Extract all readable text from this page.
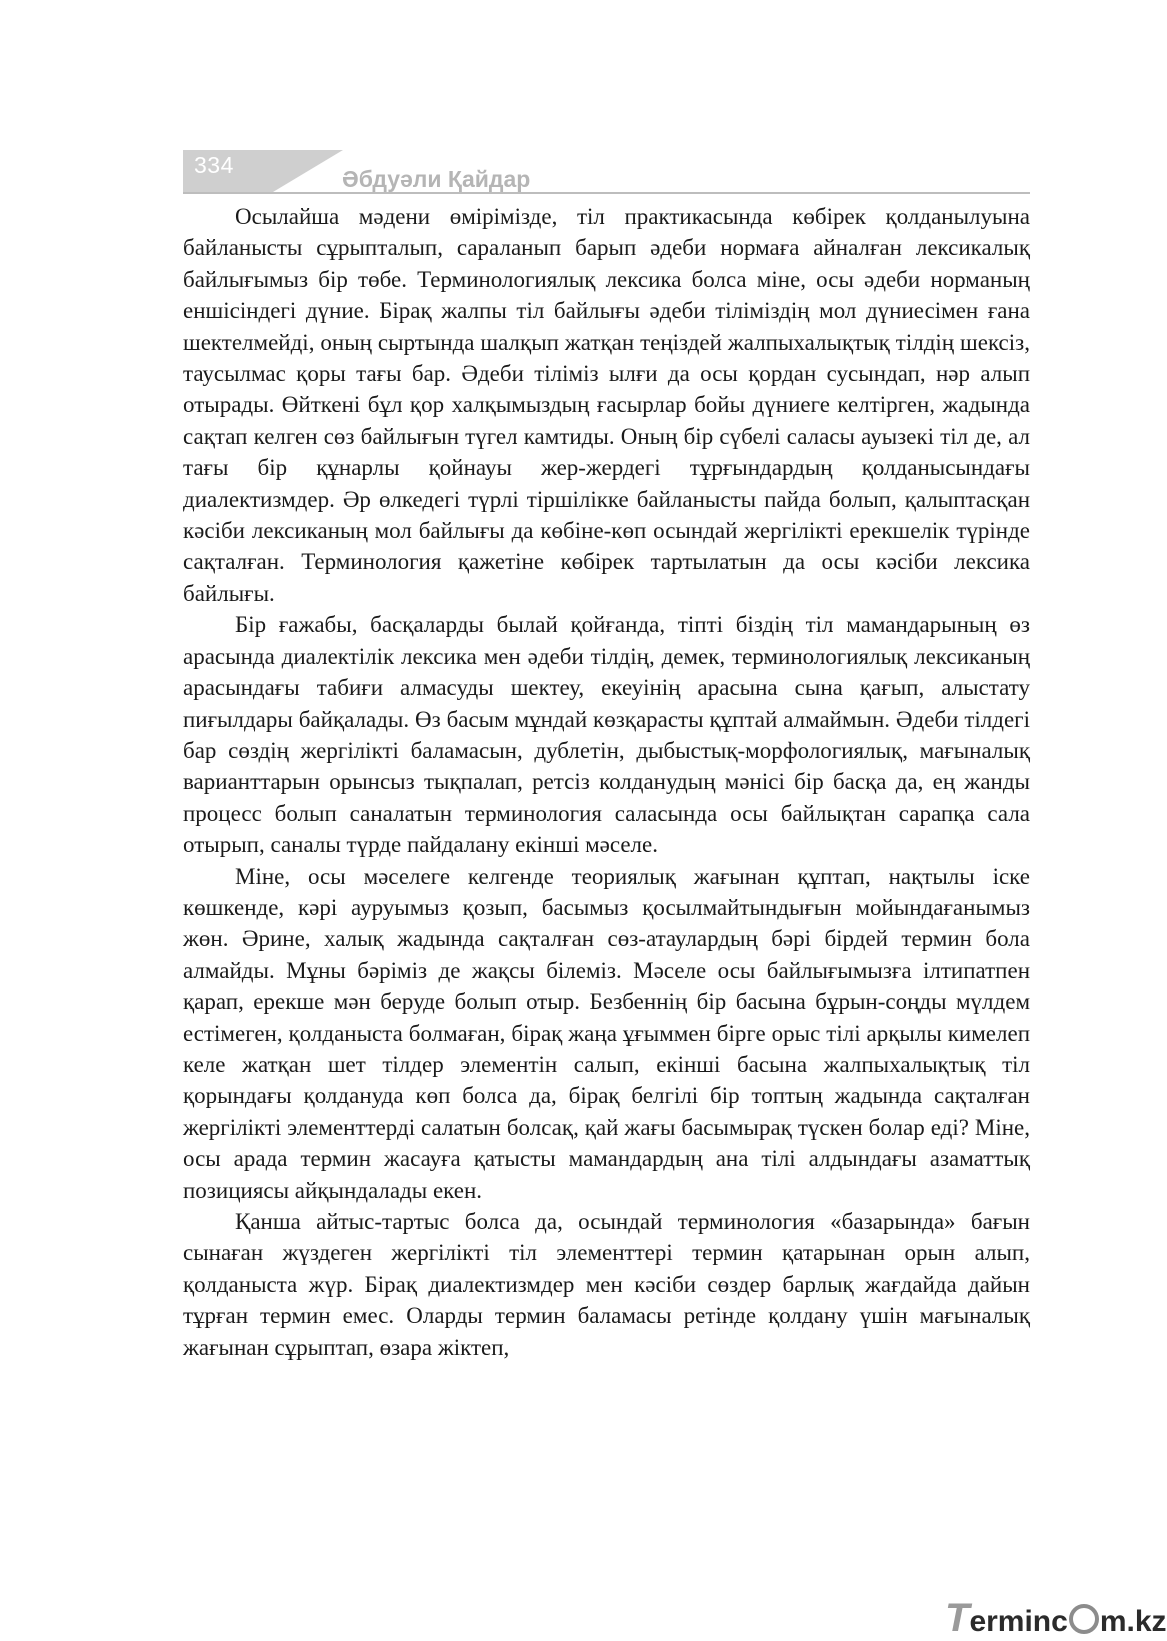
334
Әбдуәли Қайдар

Осылайша мәдени өмірімізде, тіл практикасында көбірек қолданылуына байланысты сұрыпталып, сараланып барып әдеби нормаға айналған лексикалық байлығымыз бір төбе. Терминологиялық лексика болса міне, осы әдеби норманың еншісіндегі дүние. Бірақ жалпы тіл байлығы әдеби тіліміздің мол дүниесімен ғана шектелмейді, оның сыртында шалқып жатқан теңіздей жалпыхалықтық тілдің шексіз, таусылмас қоры тағы бар. Әдеби тіліміз ылғи да осы қордан сусындап, нәр алып отырады. Өйткені бұл қор халқымыздың ғасырлар бойы дүниеге келтірген, жадында сақтап келген сөз байлығын түгел камтиды. Оның бір сүбелі саласы ауызекі тіл де, ал тағы бір құнарлы қойнауы жер-жердегі тұрғындардың қолданысындағы диалектизмдер. Әр өлкедегі түрлі тіршілікке байланысты пайда болып, қалыптасқан кәсіби лексиканың мол байлығы да көбіне-көп осындай жергілікті ерекшелік түрінде сақталған. Терминология қажетіне көбірек тартылатын да осы кәсіби лексика байлығы.

Бір ғажабы, басқаларды былай қойғанда, тіпті біздің тіл мамандарының өз арасында диалектілік лексика мен әдеби тілдің, демек, терминологиялық лексиканың арасындағы табиғи алмасуды шектеу, екеуінің арасына сына қағып, алыстату пиғылдары байқалады. Өз басым мұндай көзқарасты құптай алмаймын. Әдеби тілдегі бар сөздің жергілікті баламасын, дублетін, дыбыстық-морфологиялық, мағыналық варианттарын орынсыз тықпалап, ретсіз колданудың мәнісі бір басқа да, ең жанды процесс болып саналатын терминология саласында осы байлықтан сарапқа сала отырып, саналы түрде пайдалану екінші мәселе.

Міне, осы мәселеге келгенде теориялық жағынан құптап, нақтылы іске көшкенде, кәрі ауруымыз қозып, басымыз қосылмайтындығын мойындағанымыз жөн. Әрине, халық жадында сақталған сөз-атаулардың бәрі бірдей термин бола алмайды. Мұны бәріміз де жақсы білеміз. Мәселе осы байлығымызға ілтипатпен қарап, ерекше мән беруде болып отыр. Безбеннің бір басына бұрын-соңды мүлдем естімеген, қолданыста болмаған, бірақ жаңа ұғыммен бірге орыс тілі арқылы кимелеп келе жатқан шет тілдер элементін салып, екінші басына жалпыхалықтық тіл қорындағы қолдануда көп болса да, бірақ белгілі бір топтың жадында сақталған жергілікті элементтерді салатын болсақ, қай жағы басымырақ түскен болар еді? Міне, осы арада термин жасауға қатысты мамандардың ана тілі алдындағы азаматтық позициясы айқындалады екен.

Қанша айтыс-тартыс болса да, осындай терминология «базарында» бағын сынаған жүздеген жергілікті тіл элементтері термин қатарынан орын алып, қолданыста жүр. Бірақ диалектизмдер мен кәсіби сөздер барлық жағдайда дайын тұрған термин емес. Оларды термин баламасы ретінде қолдану үшін мағыналық жағынан сұрыптап, өзара жіктеп,

T erminc m.kz
